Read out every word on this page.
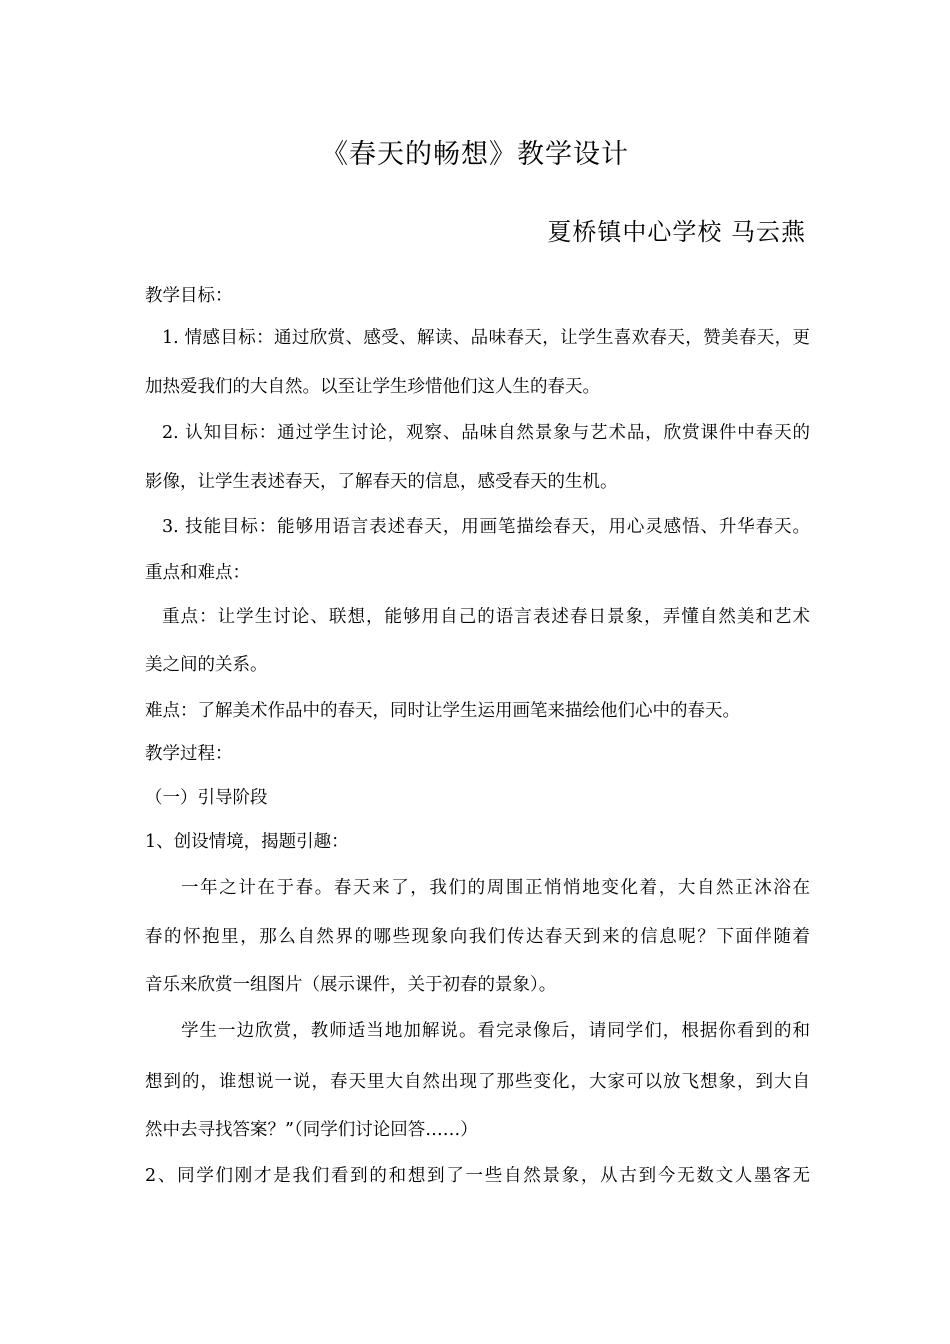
《春天的畅想》教学设计
夏桥镇中心学校 马云燕
教学目标：
1. 情感目标：通过欣赏、感受、解读、品味春天，让学生喜欢春天，赞美春天，更
加热爱我们的大自然。以至让学生珍惜他们这人生的春天。
2. 认知目标：通过学生讨论，观察、品味自然景象与艺术品，欣赏课件中春天的
影像，让学生表述春天，了解春天的信息，感受春天的生机。
3. 技能目标：能够用语言表述春天，用画笔描绘春天，用心灵感悟、升华春天。
重点和难点：
重点：让学生讨论、联想，能够用自己的语言表述春日景象，弄懂自然美和艺术
美之间的关系。
难点：了解美术作品中的春天，同时让学生运用画笔来描绘他们心中的春天。
教学过程：
（一）引导阶段
1、创设情境，揭题引趣：
一年之计在于春。春天来了，我们的周围正悄悄地变化着，大自然正沐浴在
春的怀抱里，那么自然界的哪些现象向我们传达春天到来的信息呢？下面伴随着
音乐来欣赏一组图片（展示课件，关于初春的景象）。
学生一边欣赏，教师适当地加解说。看完录像后，请同学们，根据你看到的和
想到的，谁想说一说，春天里大自然出现了那些变化，大家可以放飞想象，到大自
然中去寻找答案？”（同学们讨论回答……）
2、同学们刚才是我们看到的和想到了一些自然景象，从古到今无数文人墨客无
